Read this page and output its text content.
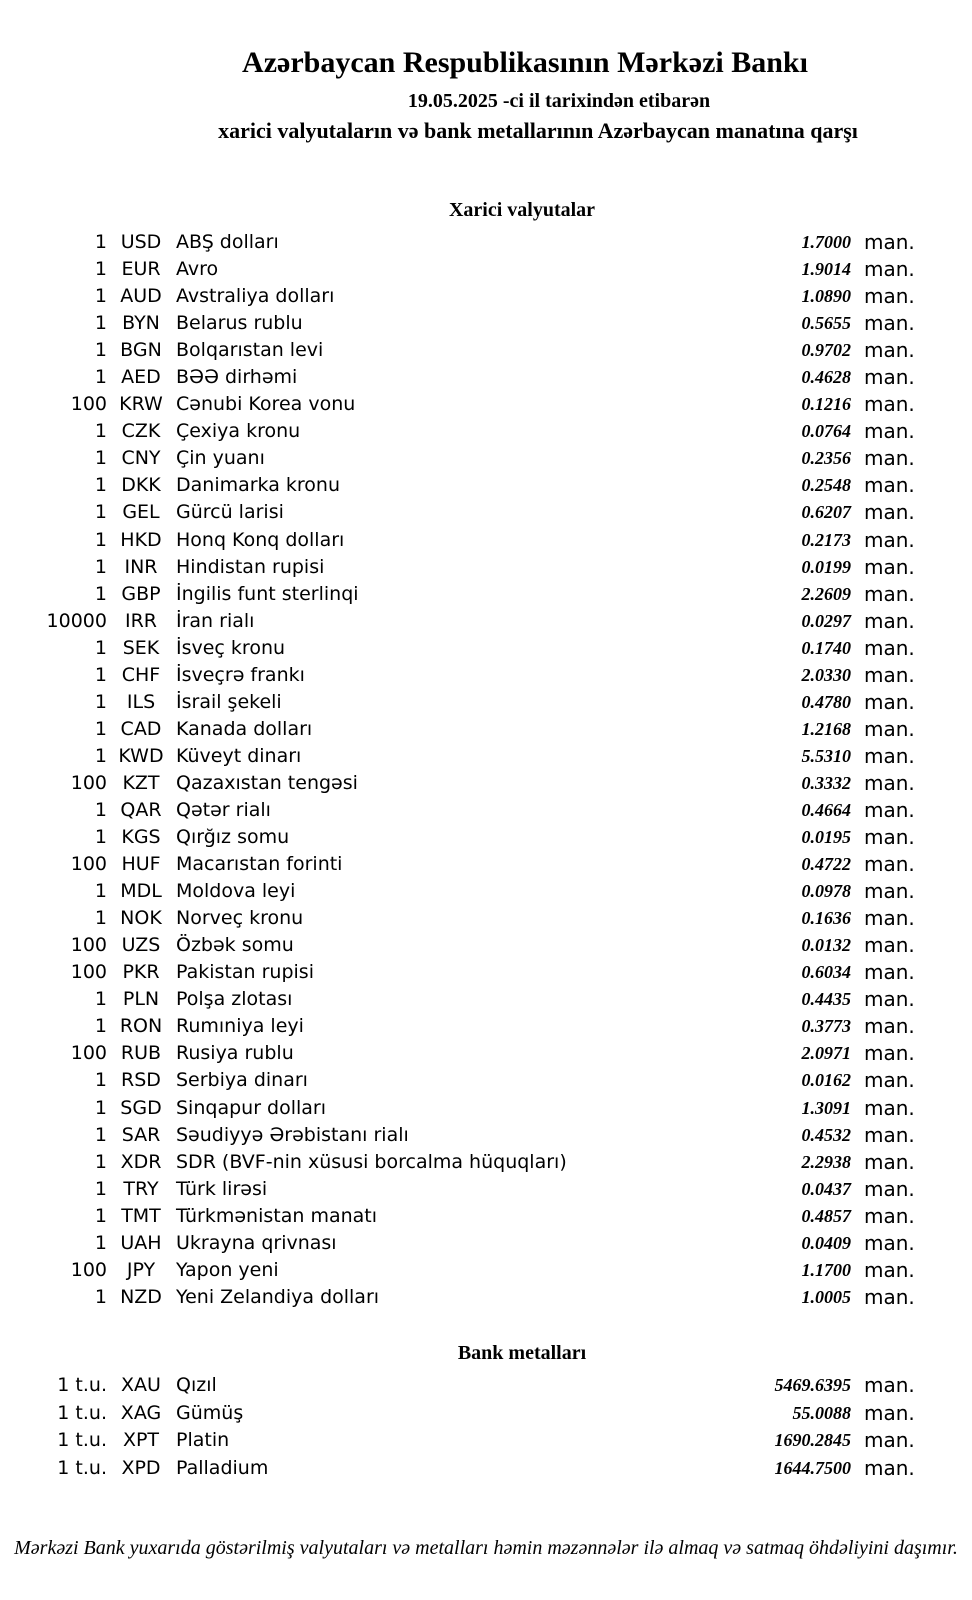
Azərbaycan Respublikasının Mərkəzi Bankı
19.05.2025 -ci il tarixindən etibarən
xarici valyutaların və bank metallarının Azərbaycan manatına qarşı
Xarici valyutalar
1 USD ABŞ dolları	1.7000 man.
1 EUR Avro	1.9014 man.
1 AUD Avstraliya dolları	1.0890 man.
1 BYN Belarus rublu	0.5655 man.
1 BGN Bolqarıstan levi	0.9702 man.
1 AED BƏƏ dirhəmi	0.4628 man.
100 KRW Cənubi Korea vonu	0.1216 man.
1 CZK Çexiya kronu	0.0764 man.
1 CNY Çin yuanı	0.2356 man.
1 DKK Danimarka kronu	0.2548 man.
1 GEL Gürcü larisi	0.6207 man.
1 HKD Honq Konq dolları	0.2173 man.
1 INR Hindistan rupisi	0.0199 man.
1 GBP İngilis funt sterlinqi	2.2609 man.
10000 IRR	İran rialı	0.0297 man.
1 SEK İsveç kronu	0.1740 man.
1 CHF İsveçrə frankı	2.0330 man.
1	ILS	İsrail şekeli	0.4780 man.
1 CAD Kanada dolları	1.2168 man.
1 KWD Küveyt dinarı	5.5310 man.
100 KZT Qazaxıstan tengəsi	0.3332 man.
1 QAR Qətər rialı	0.4664 man.
1 KGS Qırğız somu	0.0195 man.
100 HUF Macarıstan forinti	0.4722 man.
1 MDL Moldova leyi	0.0978 man.
1 NOK Norveç kronu	0.1636 man.
100 UZS Özbək somu	0.0132 man.
100 PKR Pakistan rupisi	0.6034 man.
1 PLN Polşa zlotası	0.4435 man.
1 RON Rumıniya leyi	0.3773 man.
100 RUB Rusiya rublu	2.0971 man.
1 RSD Serbiya dinarı	0.0162 man.
1 SGD Sinqapur dolları	1.3091 man.
1 SAR Səudiyyə Ərəbistanı rialı	0.4532 man.
1 XDR SDR (BVF-nin xüsusi borcalma hüquqları)	2.2938 man.
1 TRY Türk lirəsi	0.0437 man.
1 TMT Türkmənistan manatı	0.4857 man.
1 UAH Ukrayna qrivnası	0.0409 man.
100	JPY	Yapon yeni	1.1700 man.
1 NZD Yeni Zelandiya dolları	1.0005 man.
Bank metalları
1 t.u. XAU Qızıl	5469.6395 man.
1 t.u. XAG Gümüş	55.0088 man.
1 t.u. XPT Platin	1690.2845 man.
1 t.u. XPD Palladium	1644.7500 man.
Mərkəzi Bank yuxarıda göstərilmiş valyutaları və metalları həmin məzənnələr ilə almaq və satmaq öhdəliyini daşımır.
